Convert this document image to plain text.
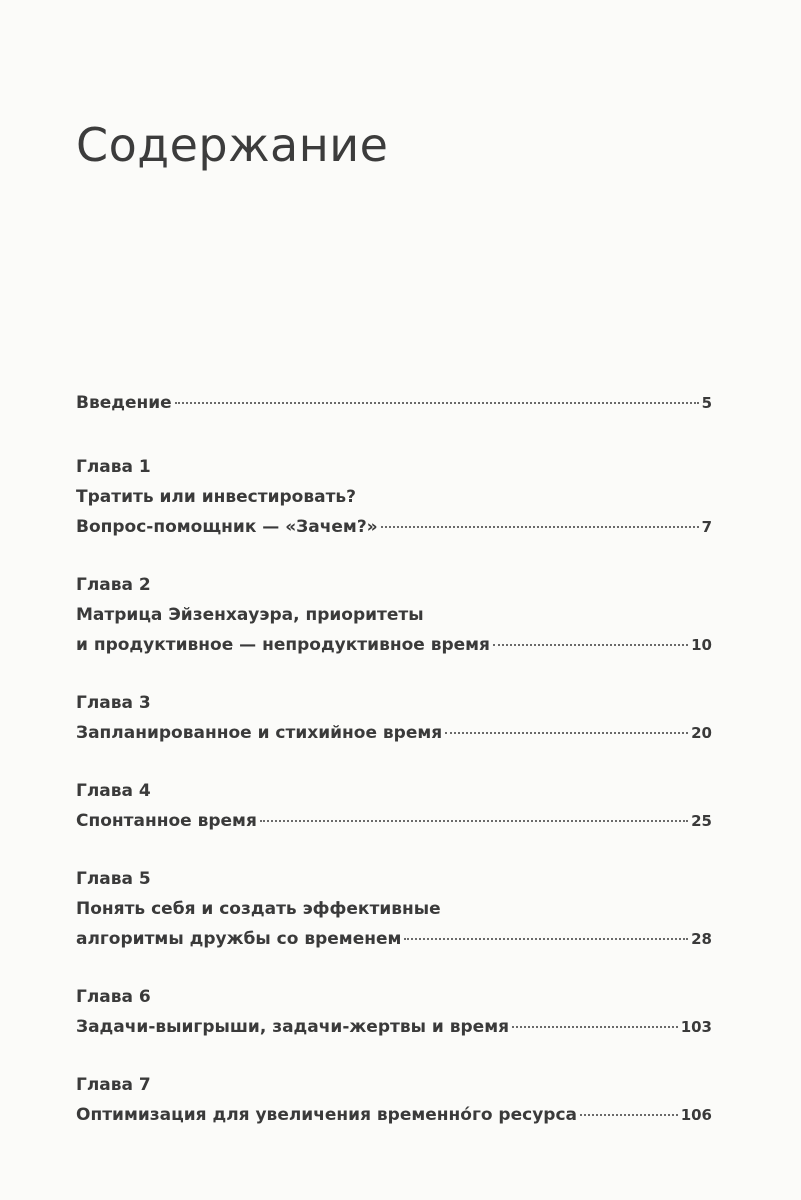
Содержание
Введение	5
Глава 1
Тратить или инвестировать?
Вопрос-помощник — «Зачем?»	7
Глава 2
Матрица Эйзенхауэра, приоритеты
и продуктивное — непродуктивное время	10
Глава 3
Запланированное и стихийное время	20
Глава 4
Спонтанное время	25
Глава 5
Понять себя и создать эффективные
алгоритмы дружбы со временем	28
Глава 6
Задачи-выигрыши, задачи-жертвы и время	103
Глава 7
Оптимизация для увеличения временно́го ресурса	106
